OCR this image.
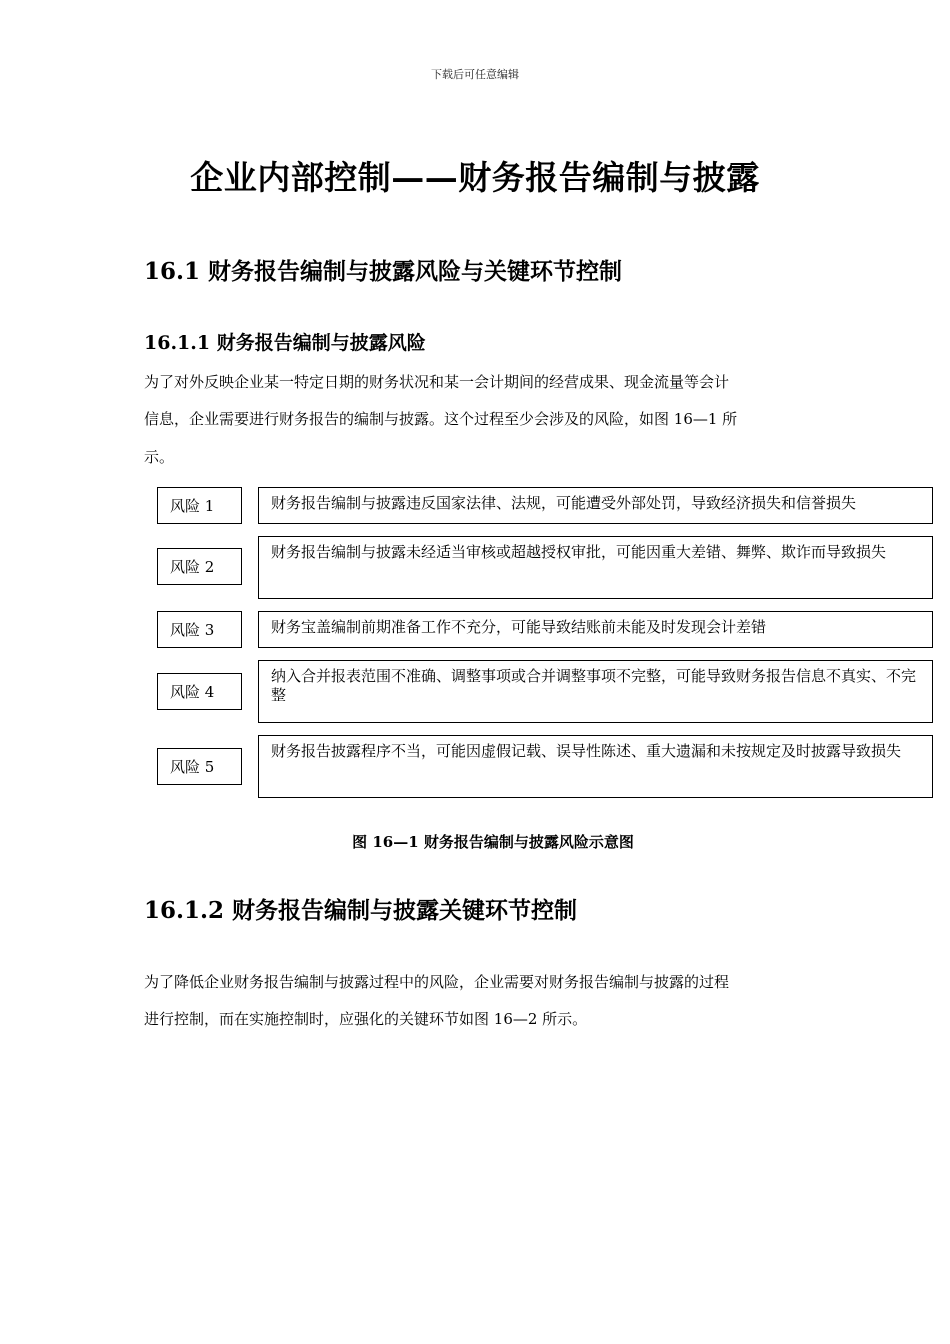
下载后可任意编辑
企业内部控制——财务报告编制与披露
16.1 财务报告编制与披露风险与关键环节控制
16.1.1 财务报告编制与披露风险
为了对外反映企业某一特定日期的财务状况和某一会计期间的经营成果、现金流量等会计
信息，企业需要进行财务报告的编制与披露。这个过程至少会涉及的风险，如图 16—1 所
示。
风险 1	财务报告编制与披露违反国家法律、法规，可能遭受外部处罚，导致经济损失和信誉损失
风险 2
财务报告编制与披露未经适当审核或超越授权审批，可能因重大差错、舞弊、欺诈而导致损失
风险 3	财务宝盖编制前期准备工作不充分，可能导致结账前未能及时发现会计差错
风险 4
纳入合并报表范围不准确、调整事项或合并调整事项不完整，可能导致财务报告信息不真实、不完整
风险 5
财务报告披露程序不当，可能因虚假记载、误导性陈述、重大遗漏和未按规定及时披露导致损失
图 16—1 财务报告编制与披露风险示意图
16.1.2 财务报告编制与披露关键环节控制
为了降低企业财务报告编制与披露过程中的风险，企业需要对财务报告编制与披露的过程
进行控制，而在实施控制时，应强化的关键环节如图 16—2 所示。
